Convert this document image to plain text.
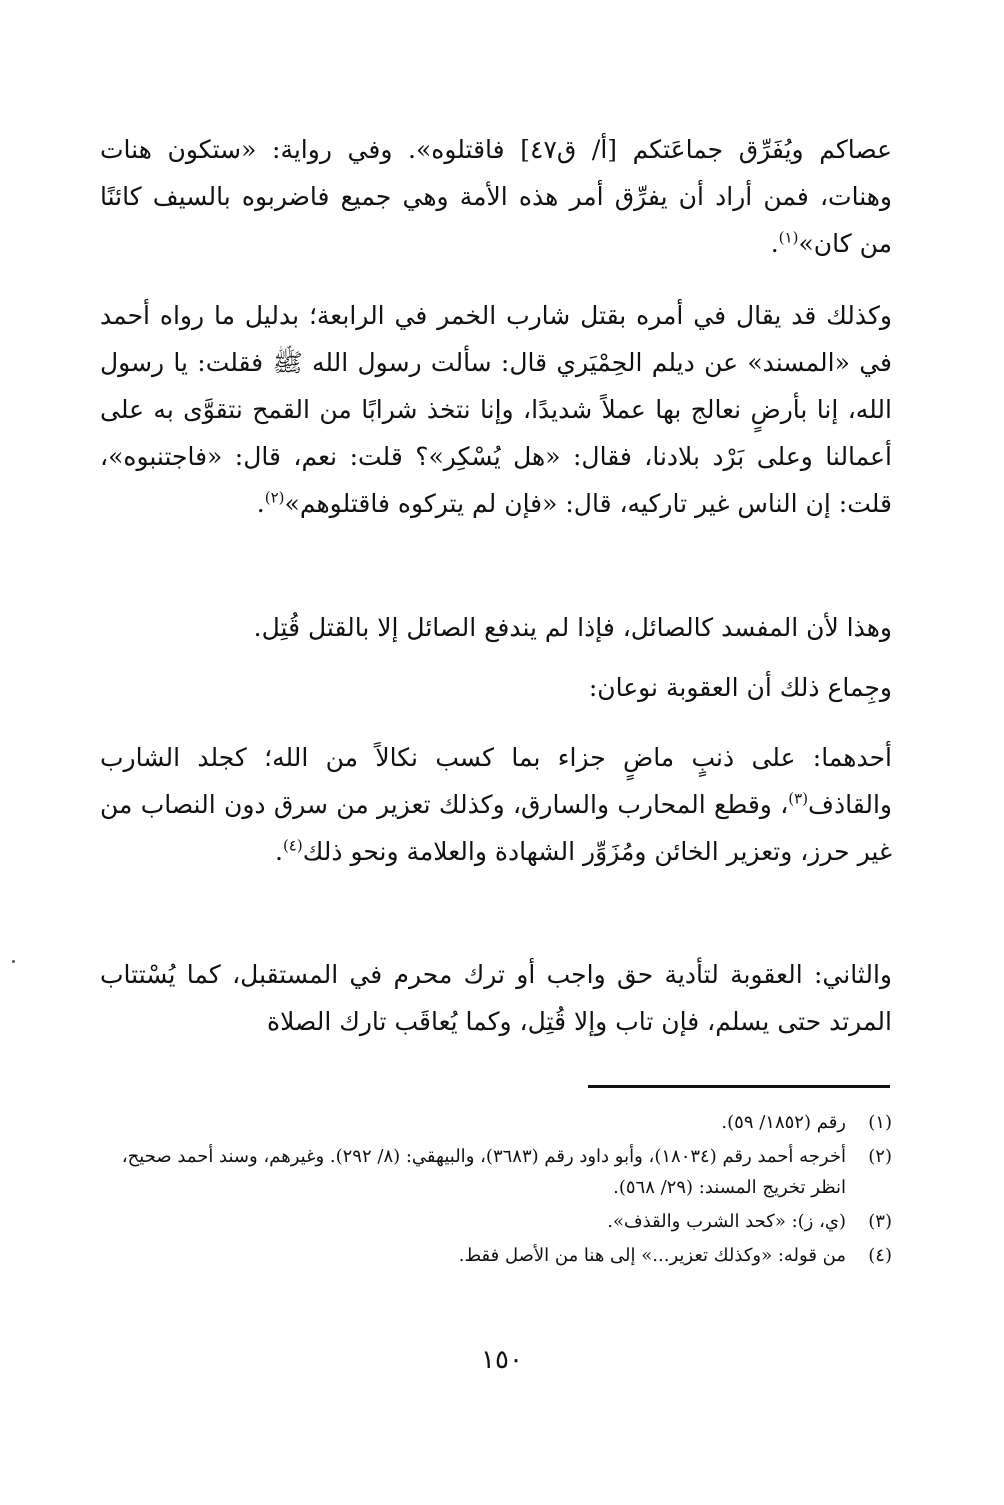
عصاكم ويُفَرِّق جماعَتكم [أ/ ق٤٧] فاقتلوه». وفي رواية: «ستكون هنات وهنات، فمن أراد أن يفرِّق أمر هذه الأمة وهي جميع فاضربوه بالسيف كائنًا من كان»$^{(١)}$.

وكذلك قد يقال في أمره بقتل شارب الخمر في الرابعة؛ بدليل ما رواه أحمد في «المسند» عن ديلم الحِمْيَري قال: سألت رسول الله ﷺ فقلت: يا رسول الله، إنا بأرضٍ نعالج بها عملاً شديدًا، وإنا نتخذ شرابًا من القمح نتقوَّى به على أعمالنا وعلى بَرْد بلادنا، فقال: «هل يُسْكِر»؟ قلت: نعم، قال: «فاجتنبوه»، قلت: إن الناس غير تاركيه، قال: «فإن لم يتركوه فاقتلوهم»$^{(٢)}$.

وهذا لأن المفسد كالصائل، فإذا لم يندفع الصائل إلا بالقتل قُتِل.

وجِماع ذلك أن العقوبة نوعان:

أحدهما: على ذنبٍ ماضٍ جزاء بما كسب نكالاً من الله؛ كجلد الشارب والقاذف$^{(٣)}$، وقطع المحارب والسارق، وكذلك تعزير من سرق دون النصاب من غير حرز، وتعزير الخائن ومُزَوِّر الشهادة والعلامة ونحو ذلك$^{(٤)}$.

والثاني: العقوبة لتأدية حق واجب أو ترك محرم في المستقبل، كما يُسْتتاب المرتد حتى يسلم، فإن تاب وإلا قُتِل، وكما يُعاقَب تارك الصلاة

(١)
رقم (١٨٥٢/ ٥٩).
(٢)
أخرجه أحمد رقم (١٨٠٣٤)، وأبو داود رقم (٣٦٨٣)، والبيهقي: (٨/ ٢٩٢). وغيرهم، وسند أحمد صحيح، انظر تخريج المسند: (٢٩/ ٥٦٨).
(٣)
(ي، ز): «كحد الشرب والقذف».
(٤)
من قوله: «وكذلك تعزير...» إلى هنا من الأصل فقط.
١٥٠
